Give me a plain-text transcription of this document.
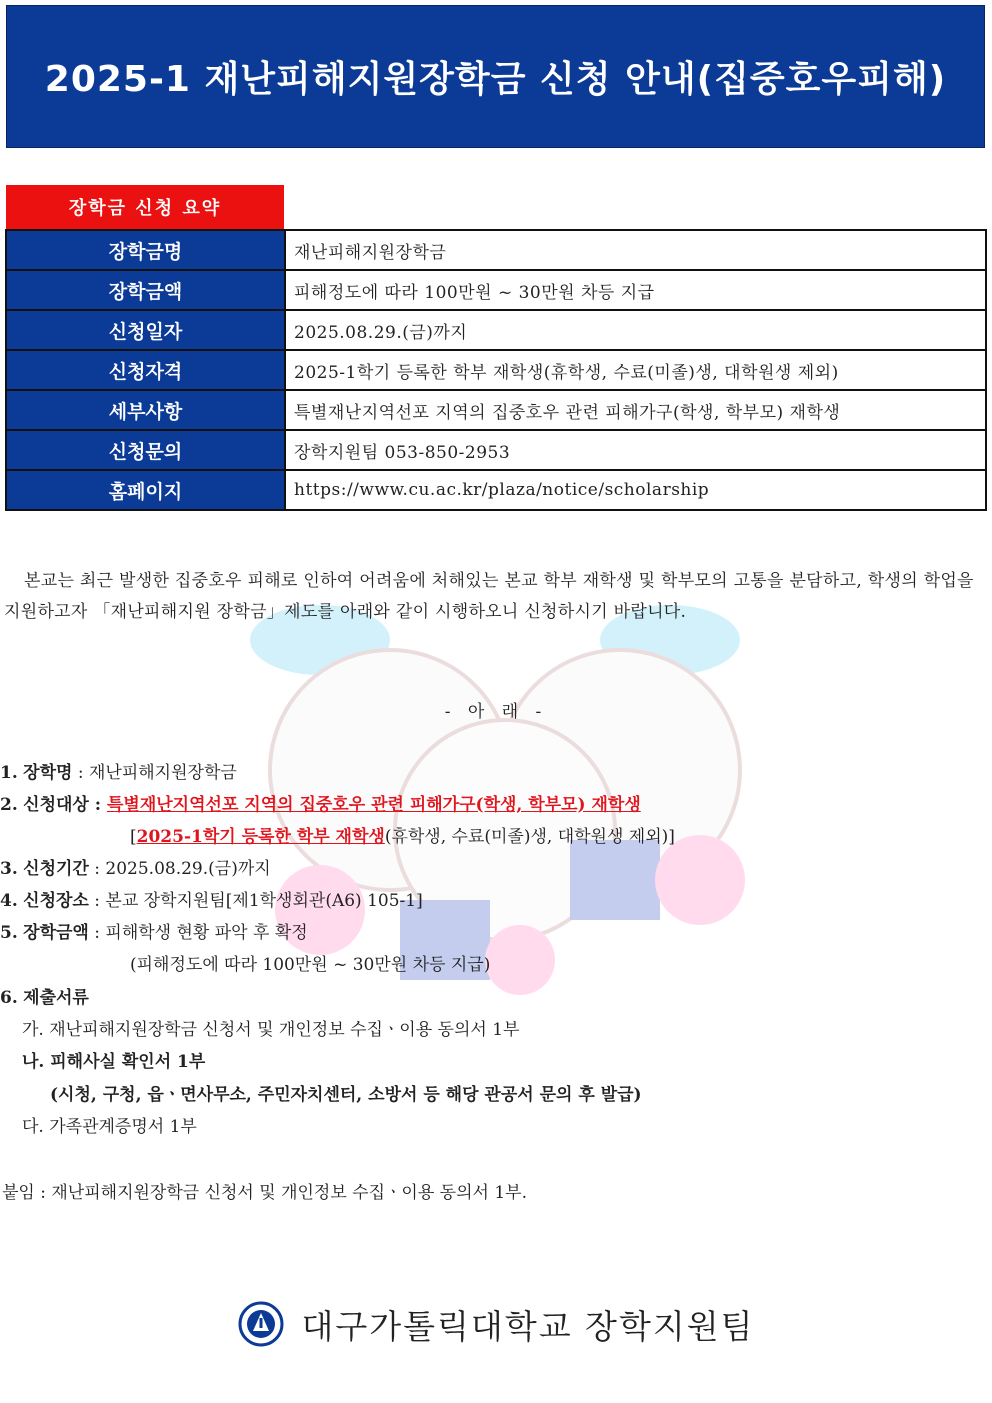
2025-1 재난피해지원장학금 신청 안내(집중호우피해)
장학금 신청 요약
장학금명	재난피해지원장학금
장학금액	피해정도에 따라 100만원 ~ 30만원 차등 지급
신청일자	2025.08.29.(금)까지
신청자격	2025-1학기 등록한 학부 재학생(휴학생, 수료(미졸)생, 대학원생 제외)
세부사항	특별재난지역선포 지역의 집중호우 관련 피해가구(학생, 학부모) 재학생
신청문의	장학지원팀 053-850-2953
홈페이지	https://www.cu.ac.kr/plaza/notice/scholarship

본교는 최근 발생한 집중호우 피해로 인하여 어려움에 처해있는 본교 학부 재학생 및 학부모의 고통을 분담하고, 학생의 학업을 지원하고자 「재난피해지원 장학금」제도를 아래와 같이 시행하오니 신청하시기 바랍니다.

- 아 래 -
1. 장학명 : 재난피해지원장학금
2. 신청대상 : 특별재난지역선포 지역의 집중호우 관련 피해가구(학생, 학부모) 재학생
[2025-1학기 등록한 학부 재학생(휴학생, 수료(미졸)생, 대학원생 제외)]
3. 신청기간 : 2025.08.29.(금)까지
4. 신청장소 : 본교 장학지원팀[제1학생회관(A6) 105-1]
5. 장학금액 : 피해학생 현황 파악 후 확정
(피해정도에 따라 100만원 ~ 30만원 차등 지급)
6. 제출서류
가. 재난피해지원장학금 신청서 및 개인정보 수집ㆍ이용 동의서 1부
나. 피해사실 확인서 1부
(시청, 구청, 읍ㆍ면사무소, 주민자치센터, 소방서 등 해당 관공서 문의 후 발급)
다. 가족관계증명서 1부
붙임 : 재난피해지원장학금 신청서 및 개인정보 수집ㆍ이용 동의서 1부.
대구가톨릭대학교 장학지원팀
